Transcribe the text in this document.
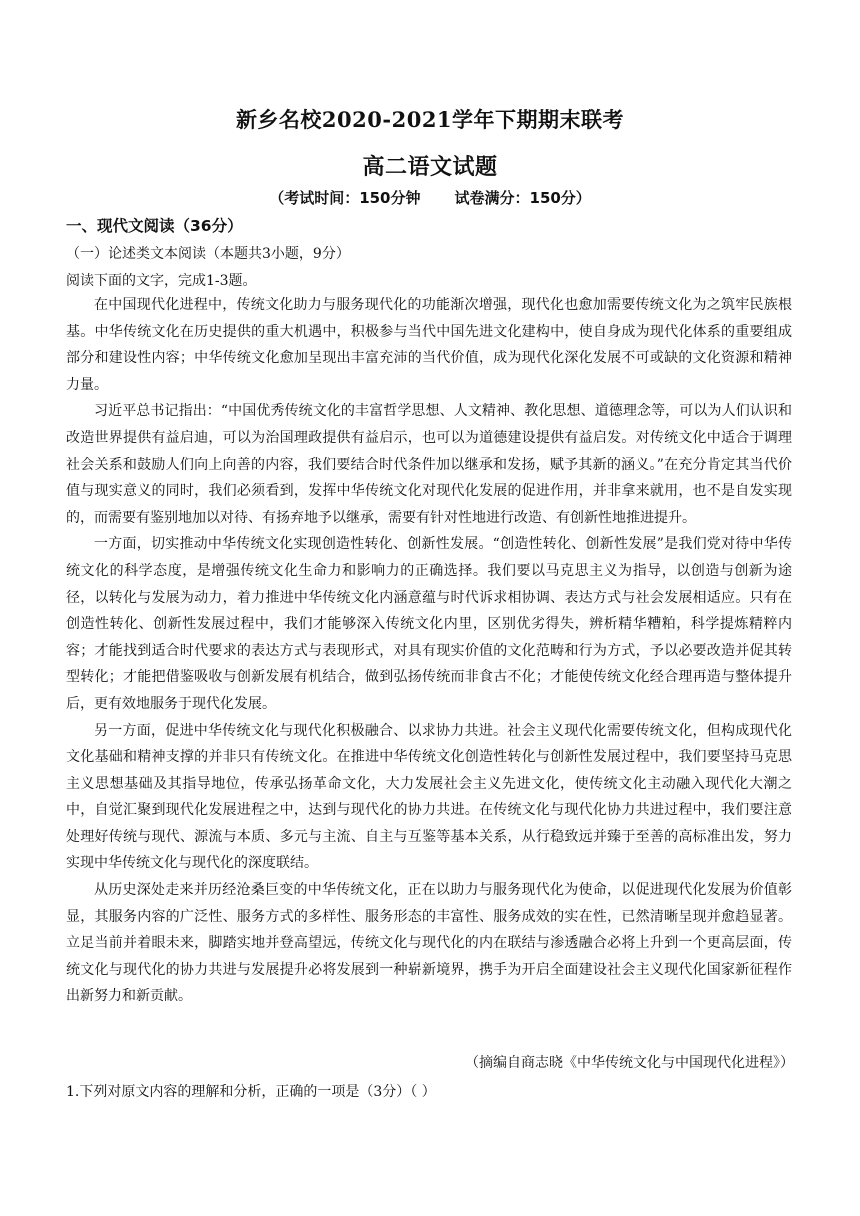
新乡名校2020-2021学年下期期末联考
高二语文试题
（考试时间：150分钟 试卷满分：150分）
一、现代文阅读（36分）
（一）论述类文本阅读（本题共3小题，9分）
阅读下面的文字，完成1-3题。

在中国现代化进程中，传统文化助力与服务现代化的功能渐次增强，现代化也愈加需要传统文化为之筑牢民族根基。中华传统文化在历史提供的重大机遇中，积极参与当代中国先进文化建构中，使自身成为现代化体系的重要组成部分和建设性内容；中华传统文化愈加呈现出丰富充沛的当代价值，成为现代化深化发展不可或缺的文化资源和精神力量。

习近平总书记指出：“中国优秀传统文化的丰富哲学思想、人文精神、教化思想、道德理念等，可以为人们认识和改造世界提供有益启迪，可以为治国理政提供有益启示，也可以为道德建设提供有益启发。对传统文化中适合于调理社会关系和鼓励人们向上向善的内容，我们要结合时代条件加以继承和发扬，赋予其新的涵义。”在充分肯定其当代价值与现实意义的同时，我们必须看到，发挥中华传统文化对现代化发展的促进作用，并非拿来就用，也不是自发实现的，而需要有鉴别地加以对待、有扬弃地予以继承，需要有针对性地进行改造、有创新性地推进提升。

一方面，切实推动中华传统文化实现创造性转化、创新性发展。“创造性转化、创新性发展”是我们党对待中华传统文化的科学态度，是增强传统文化生命力和影响力的正确选择。我们要以马克思主义为指导，以创造与创新为途径，以转化与发展为动力，着力推进中华传统文化内涵意蕴与时代诉求相协调、表达方式与社会发展相适应。只有在创造性转化、创新性发展过程中，我们才能够深入传统文化内里，区别优劣得失，辨析精华糟粕，科学提炼精粹内容；才能找到适合时代要求的表达方式与表现形式，对具有现实价值的文化范畴和行为方式，予以必要改造并促其转型转化；才能把借鉴吸收与创新发展有机结合，做到弘扬传统而非食古不化；才能使传统文化经合理再造与整体提升后，更有效地服务于现代化发展。

另一方面，促进中华传统文化与现代化积极融合、以求协力共进。社会主义现代化需要传统文化，但构成现代化文化基础和精神支撑的并非只有传统文化。在推进中华传统文化创造性转化与创新性发展过程中，我们要坚持马克思主义思想基础及其指导地位，传承弘扬革命文化，大力发展社会主义先进文化，使传统文化主动融入现代化大潮之中，自觉汇聚到现代化发展进程之中，达到与现代化的协力共进。在传统文化与现代化协力共进过程中，我们要注意处理好传统与现代、源流与本质、多元与主流、自主与互鉴等基本关系，从行稳致远并臻于至善的高标准出发，努力实现中华传统文化与现代化的深度联结。

从历史深处走来并历经沧桑巨变的中华传统文化，正在以助力与服务现代化为使命，以促进现代化发展为价值彰显，其服务内容的广泛性、服务方式的多样性、服务形态的丰富性、服务成效的实在性，已然清晰呈现并愈趋显著。立足当前并着眼未来，脚踏实地并登高望远，传统文化与现代化的内在联结与渗透融合必将上升到一个更高层面，传统文化与现代化的协力共进与发展提升必将发展到一种崭新境界，携手为开启全面建设社会主义现代化国家新征程作出新努力和新贡献。

（摘编自商志晓《中华传统文化与中国现代化进程》）
1.下列对原文内容的理解和分析，正确的一项是（3分）（ ）
